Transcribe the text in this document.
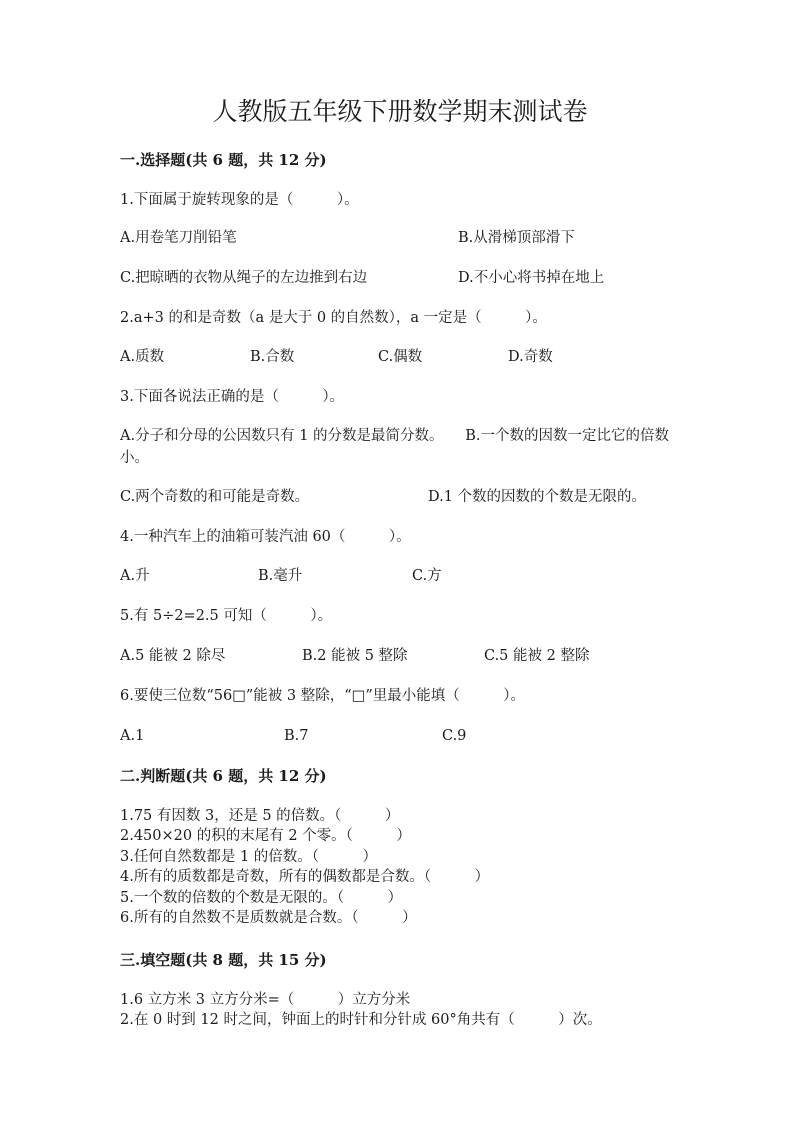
人教版五年级下册数学期末测试卷
一.选择题(共 6 题，共 12 分)
1.下面属于旋转现象的是（　　　）。
A.用卷笔刀削铅笔	B.从滑梯顶部滑下
C.把晾晒的衣物从绳子的左边推到右边	D.不小心将书掉在地上
2.a+3 的和是奇数（a 是大于 0 的自然数），a 一定是（　　　）。
A.质数	B.合数	C.偶数	D.奇数
3.下面各说法正确的是（　　　）。
A.分子和分母的公因数只有 1 的分数是最简分数。　　B.一个数的因数一定比它的倍数小。
C.两个奇数的和可能是奇数。	D.1 个数的因数的个数是无限的。
4.一种汽车上的油箱可装汽油 60（　　　）。
A.升	B.毫升	C.方
5.有 5÷2=2.5 可知（　　　）。
A.5 能被 2 除尽	B.2 能被 5 整除	C.5 能被 2 整除
6.要使三位数“56□”能被 3 整除，“□”里最小能填（　　　）。
A.1	B.7	C.9
二.判断题(共 6 题，共 12 分)
1.75 有因数 3，还是 5 的倍数。（　　　）
2.450×20 的积的末尾有 2 个零。（　　　）
3.任何自然数都是 1 的倍数。（　　　）
4.所有的质数都是奇数，所有的偶数都是合数。（　　　）
5.一个数的倍数的个数是无限的。（　　　）
6.所有的自然数不是质数就是合数。（　　　）
三.填空题(共 8 题，共 15 分)
1.6 立方米 3 立方分米=（　　　）立方分米
2.在 0 时到 12 时之间，钟面上的时针和分针成 60°角共有（　　　）次。
